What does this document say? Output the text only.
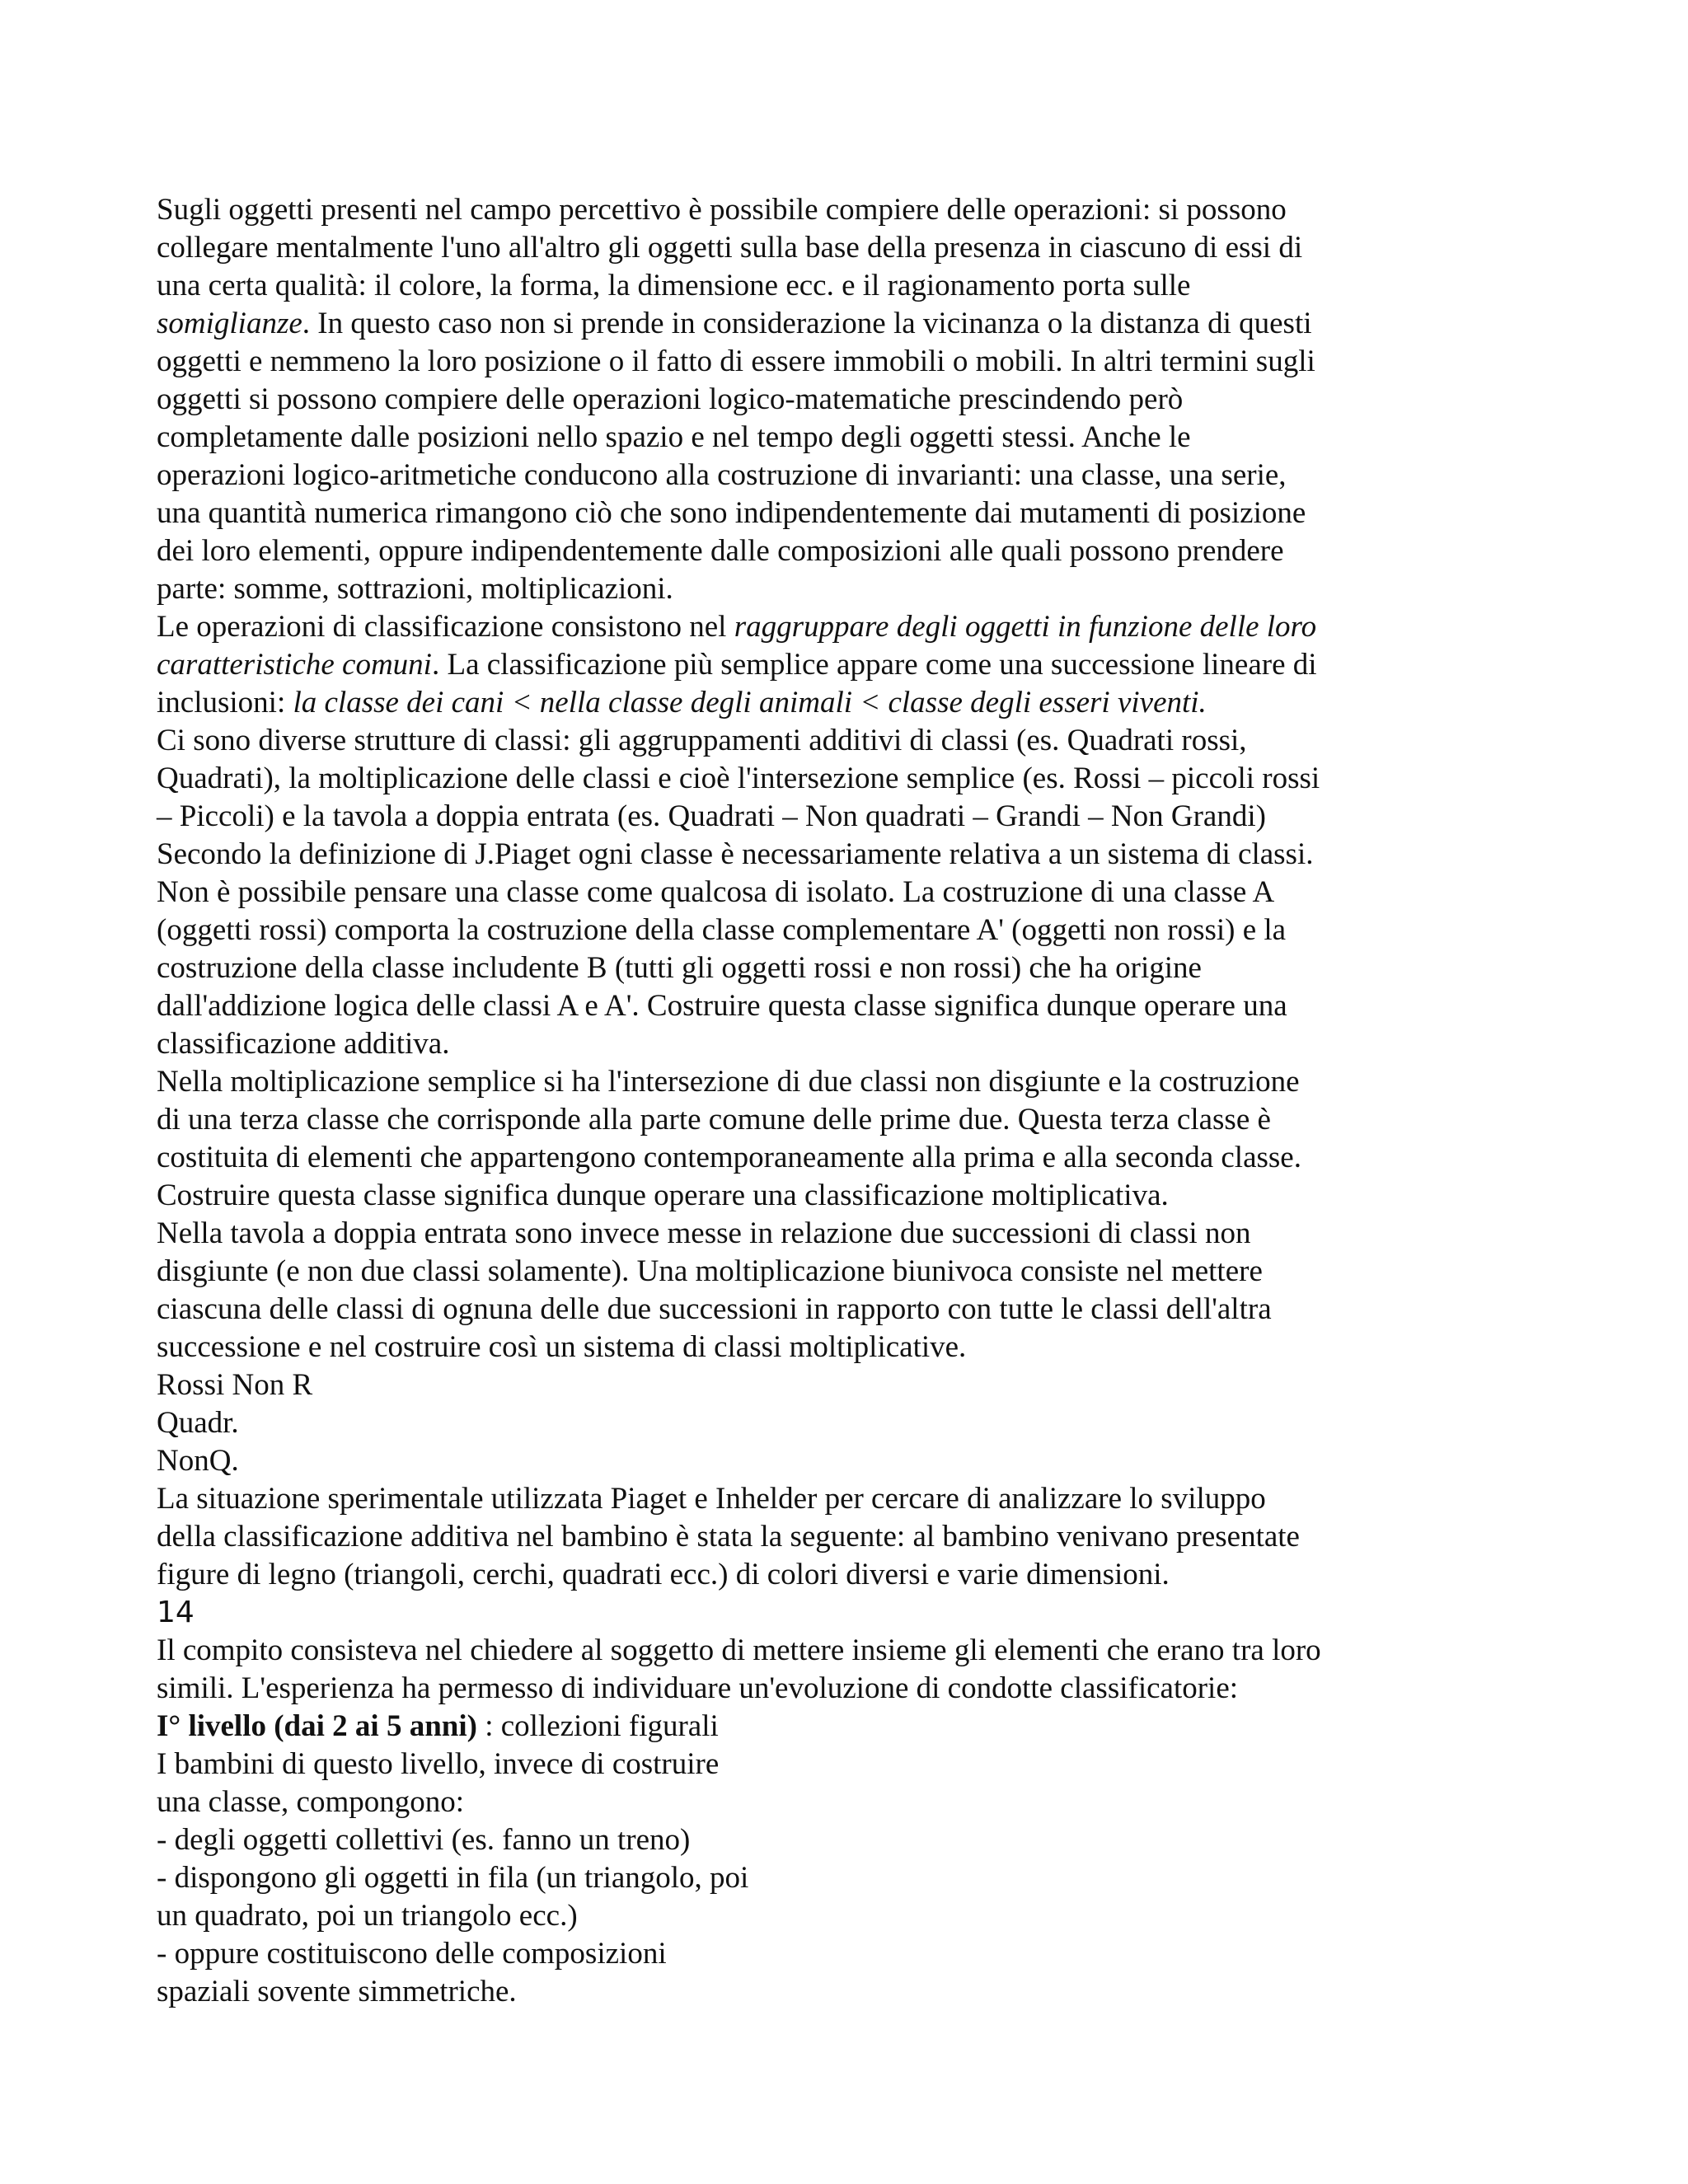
Sugli oggetti presenti nel campo percettivo è possibile compiere delle operazioni: si possono
collegare mentalmente l'uno all'altro gli oggetti sulla base della presenza in ciascuno di essi di
una certa qualità: il colore, la forma, la dimensione ecc. e il ragionamento porta sulle
somiglianze. In questo caso non si prende in considerazione la vicinanza o la distanza di questi
oggetti e nemmeno la loro posizione o il fatto di essere immobili o mobili. In altri termini sugli
oggetti si possono compiere delle operazioni logico-matematiche prescindendo però
completamente dalle posizioni nello spazio e nel tempo degli oggetti stessi. Anche le
operazioni logico-aritmetiche conducono alla costruzione di invarianti: una classe, una serie,
una quantità numerica rimangono ciò che sono indipendentemente dai mutamenti di posizione
dei loro elementi, oppure indipendentemente dalle composizioni alle quali possono prendere
parte: somme, sottrazioni, moltiplicazioni.
Le operazioni di classificazione consistono nel raggruppare degli oggetti in funzione delle loro
caratteristiche comuni. La classificazione più semplice appare come una successione lineare di
inclusioni: la classe dei cani < nella classe degli animali < classe degli esseri viventi.
Ci sono diverse strutture di classi: gli aggruppamenti additivi di classi (es. Quadrati rossi,
Quadrati), la moltiplicazione delle classi e cioè l'intersezione semplice (es. Rossi – piccoli rossi
– Piccoli) e la tavola a doppia entrata (es. Quadrati – Non quadrati – Grandi – Non Grandi)
Secondo la definizione di J.Piaget ogni classe è necessariamente relativa a un sistema di classi.
Non è possibile pensare una classe come qualcosa di isolato. La costruzione di una classe A
(oggetti rossi) comporta la costruzione della classe complementare A' (oggetti non rossi) e la
costruzione della classe includente B (tutti gli oggetti rossi e non rossi) che ha origine
dall'addizione logica delle classi A e A'. Costruire questa classe significa dunque operare una
classificazione additiva.
Nella moltiplicazione semplice si ha l'intersezione di due classi non disgiunte e la costruzione
di una terza classe che corrisponde alla parte comune delle prime due. Questa terza classe è
costituita di elementi che appartengono contemporaneamente alla prima e alla seconda classe.
Costruire questa classe significa dunque operare una classificazione moltiplicativa.
Nella tavola a doppia entrata sono invece messe in relazione due successioni di classi non
disgiunte (e non due classi solamente). Una moltiplicazione biunivoca consiste nel mettere
ciascuna delle classi di ognuna delle due successioni in rapporto con tutte le classi dell'altra
successione e nel costruire così un sistema di classi moltiplicative.
Rossi Non R
Quadr.
NonQ.
La situazione sperimentale utilizzata Piaget e Inhelder per cercare di analizzare lo sviluppo
della classificazione additiva nel bambino è stata la seguente: al bambino venivano presentate
figure di legno (triangoli, cerchi, quadrati ecc.) di colori diversi e varie dimensioni.
14
Il compito consisteva nel chiedere al soggetto di mettere insieme gli elementi che erano tra loro
simili. L'esperienza ha permesso di individuare un'evoluzione di condotte classificatorie:
I° livello (dai 2 ai 5 anni) : collezioni figurali
I bambini di questo livello, invece di costruire
una classe, compongono:
- degli oggetti collettivi (es. fanno un treno)
- dispongono gli oggetti in fila (un triangolo, poi
un quadrato, poi un triangolo ecc.)
- oppure costituiscono delle composizioni
spaziali sovente simmetriche.
